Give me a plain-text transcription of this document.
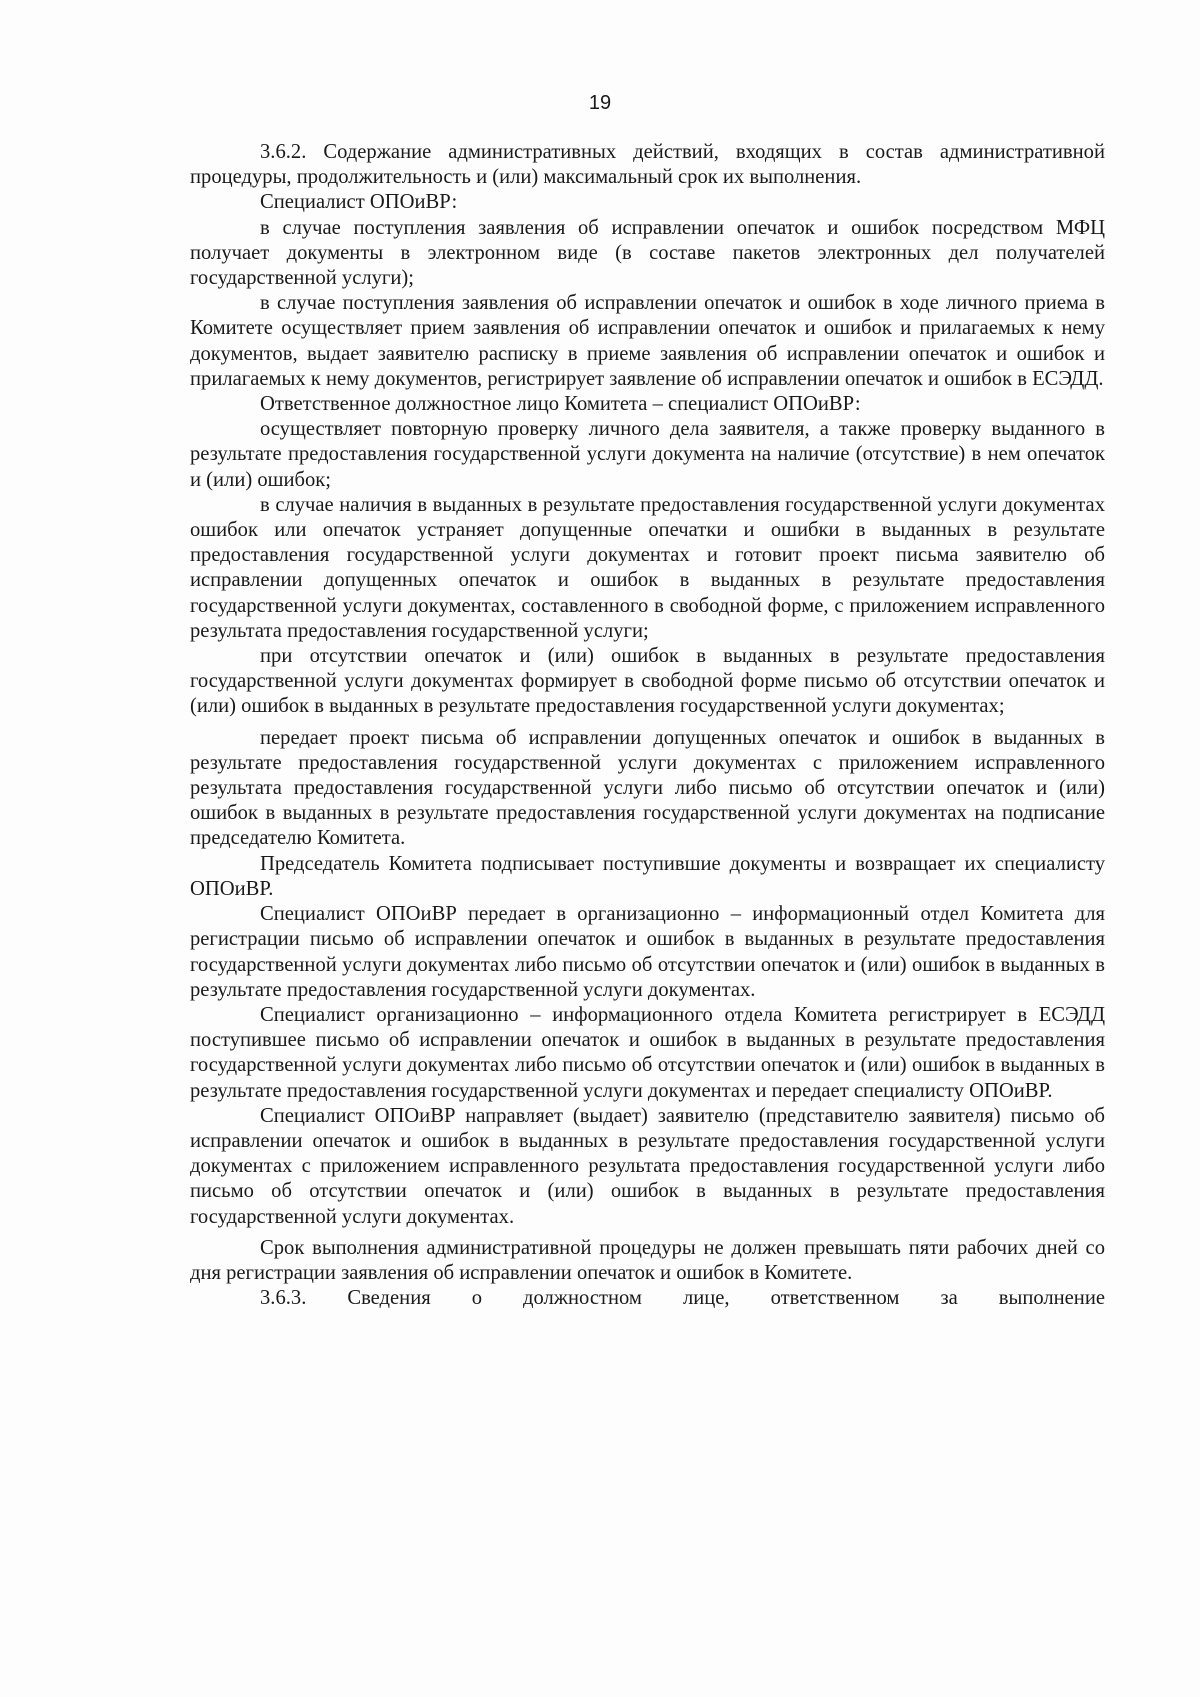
19

3.6.2. Содержание административных действий, входящих в состав административной процедуры, продолжительность и (или) максимальный срок их выполнения.

Специалист ОПОиВР:

в случае поступления заявления об исправлении опечаток и ошибок посредством МФЦ получает документы в электронном виде (в составе пакетов электронных дел получателей государственной услуги);

в случае поступления заявления об исправлении опечаток и ошибок в ходе личного приема в Комитете осуществляет прием заявления об исправлении опечаток и ошибок и прилагаемых к нему документов, выдает заявителю расписку в приеме заявления об исправлении опечаток и ошибок и прилагаемых к нему документов, регистрирует заявление об исправлении опечаток и ошибок в ЕСЭДД.

Ответственное должностное лицо Комитета – специалист ОПОиВР:

осуществляет повторную проверку личного дела заявителя, а также проверку выданного в результате предоставления государственной услуги документа на наличие (отсутствие) в нем опечаток и (или) ошибок;

в случае наличия в выданных в результате предоставления государственной услуги документах ошибок или опечаток устраняет допущенные опечатки и ошибки в выданных в результате предоставления государственной услуги документах и готовит проект письма заявителю об исправлении допущенных опечаток и ошибок в выданных в результате предоставления государственной услуги документах, составленного в свободной форме, с приложением исправленного результата предоставления государственной услуги;

при отсутствии опечаток и (или) ошибок в выданных в результате предоставления государственной услуги документах формирует в свободной форме письмо об отсутствии опечаток и (или) ошибок в выданных в результате предоставления государственной услуги документах;

передает проект письма об исправлении допущенных опечаток и ошибок в выданных в результате предоставления государственной услуги документах с приложением исправленного результата предоставления государственной услуги либо письмо об отсутствии опечаток и (или) ошибок в выданных в результате предоставления государственной услуги документах на подписание председателю Комитета.

Председатель Комитета подписывает поступившие документы и возвращает их специалисту ОПОиВР.

Специалист ОПОиВР передает в организационно – информационный отдел Комитета для регистрации письмо об исправлении опечаток и ошибок в выданных в результате предоставления государственной услуги документах либо письмо об отсутствии опечаток и (или) ошибок в выданных в результате предоставления государственной услуги документах.

Специалист организационно – информационного отдела Комитета регистрирует в ЕСЭДД поступившее письмо об исправлении опечаток и ошибок в выданных в результате предоставления государственной услуги документах либо письмо об отсутствии опечаток и (или) ошибок в выданных в результате предоставления государственной услуги документах и передает специалисту ОПОиВР.

Специалист ОПОиВР направляет (выдает) заявителю (представителю заявителя) письмо об исправлении опечаток и ошибок в выданных в результате предоставления государственной услуги документах с приложением исправленного результата предоставления государственной услуги либо письмо об отсутствии опечаток и (или) ошибок в выданных в результате предоставления государственной услуги документах.

Срок выполнения административной процедуры не должен превышать пяти рабочих дней со дня регистрации заявления об исправлении опечаток и ошибок в Комитете.

3.6.3. Сведения о должностном лице, ответственном за выполнение
